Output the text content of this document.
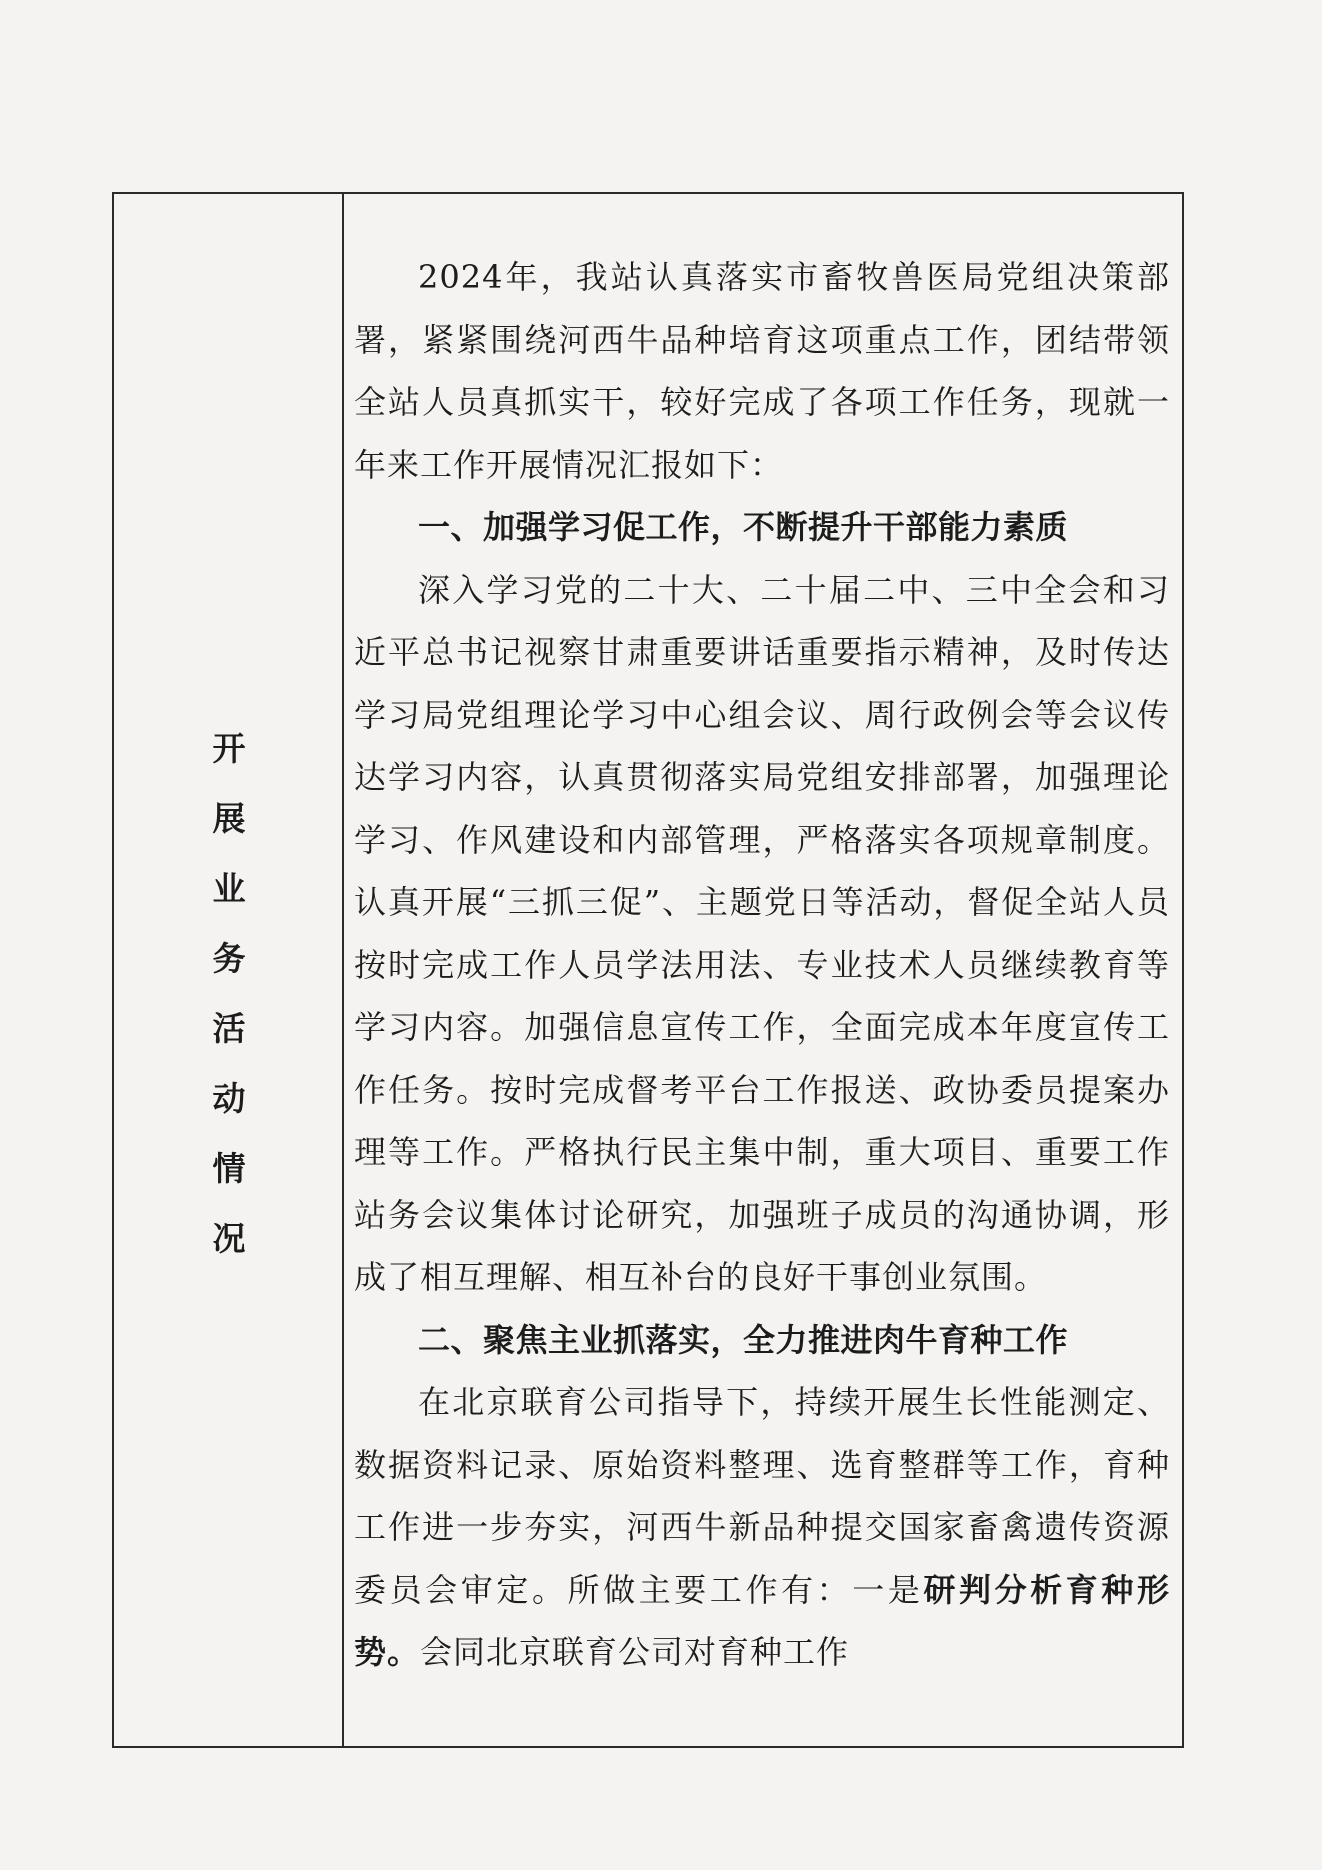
开
展
业
务
活
动
情
况

2024年，我站认真落实市畜牧兽医局党组决策部署，紧紧围绕河西牛品种培育这项重点工作，团结带领全站人员真抓实干，较好完成了各项工作任务，现就一年来工作开展情况汇报如下：

一、加强学习促工作，不断提升干部能力素质

深入学习党的二十大、二十届二中、三中全会和习近平总书记视察甘肃重要讲话重要指示精神，及时传达学习局党组理论学习中心组会议、周行政例会等会议传达学习内容，认真贯彻落实局党组安排部署，加强理论学习、作风建设和内部管理，严格落实各项规章制度。认真开展“三抓三促”、主题党日等活动，督促全站人员按时完成工作人员学法用法、专业技术人员继续教育等学习内容。加强信息宣传工作，全面完成本年度宣传工作任务。按时完成督考平台工作报送、政协委员提案办理等工作。严格执行民主集中制，重大项目、重要工作站务会议集体讨论研究，加强班子成员的沟通协调，形成了相互理解、相互补台的良好干事创业氛围。

二、聚焦主业抓落实，全力推进肉牛育种工作

在北京联育公司指导下，持续开展生长性能测定、数据资料记录、原始资料整理、选育整群等工作，育种工作进一步夯实，河西牛新品种提交国家畜禽遗传资源委员会审定。所做主要工作有：一是研判分析育种形势。会同北京联育公司对育种工作
